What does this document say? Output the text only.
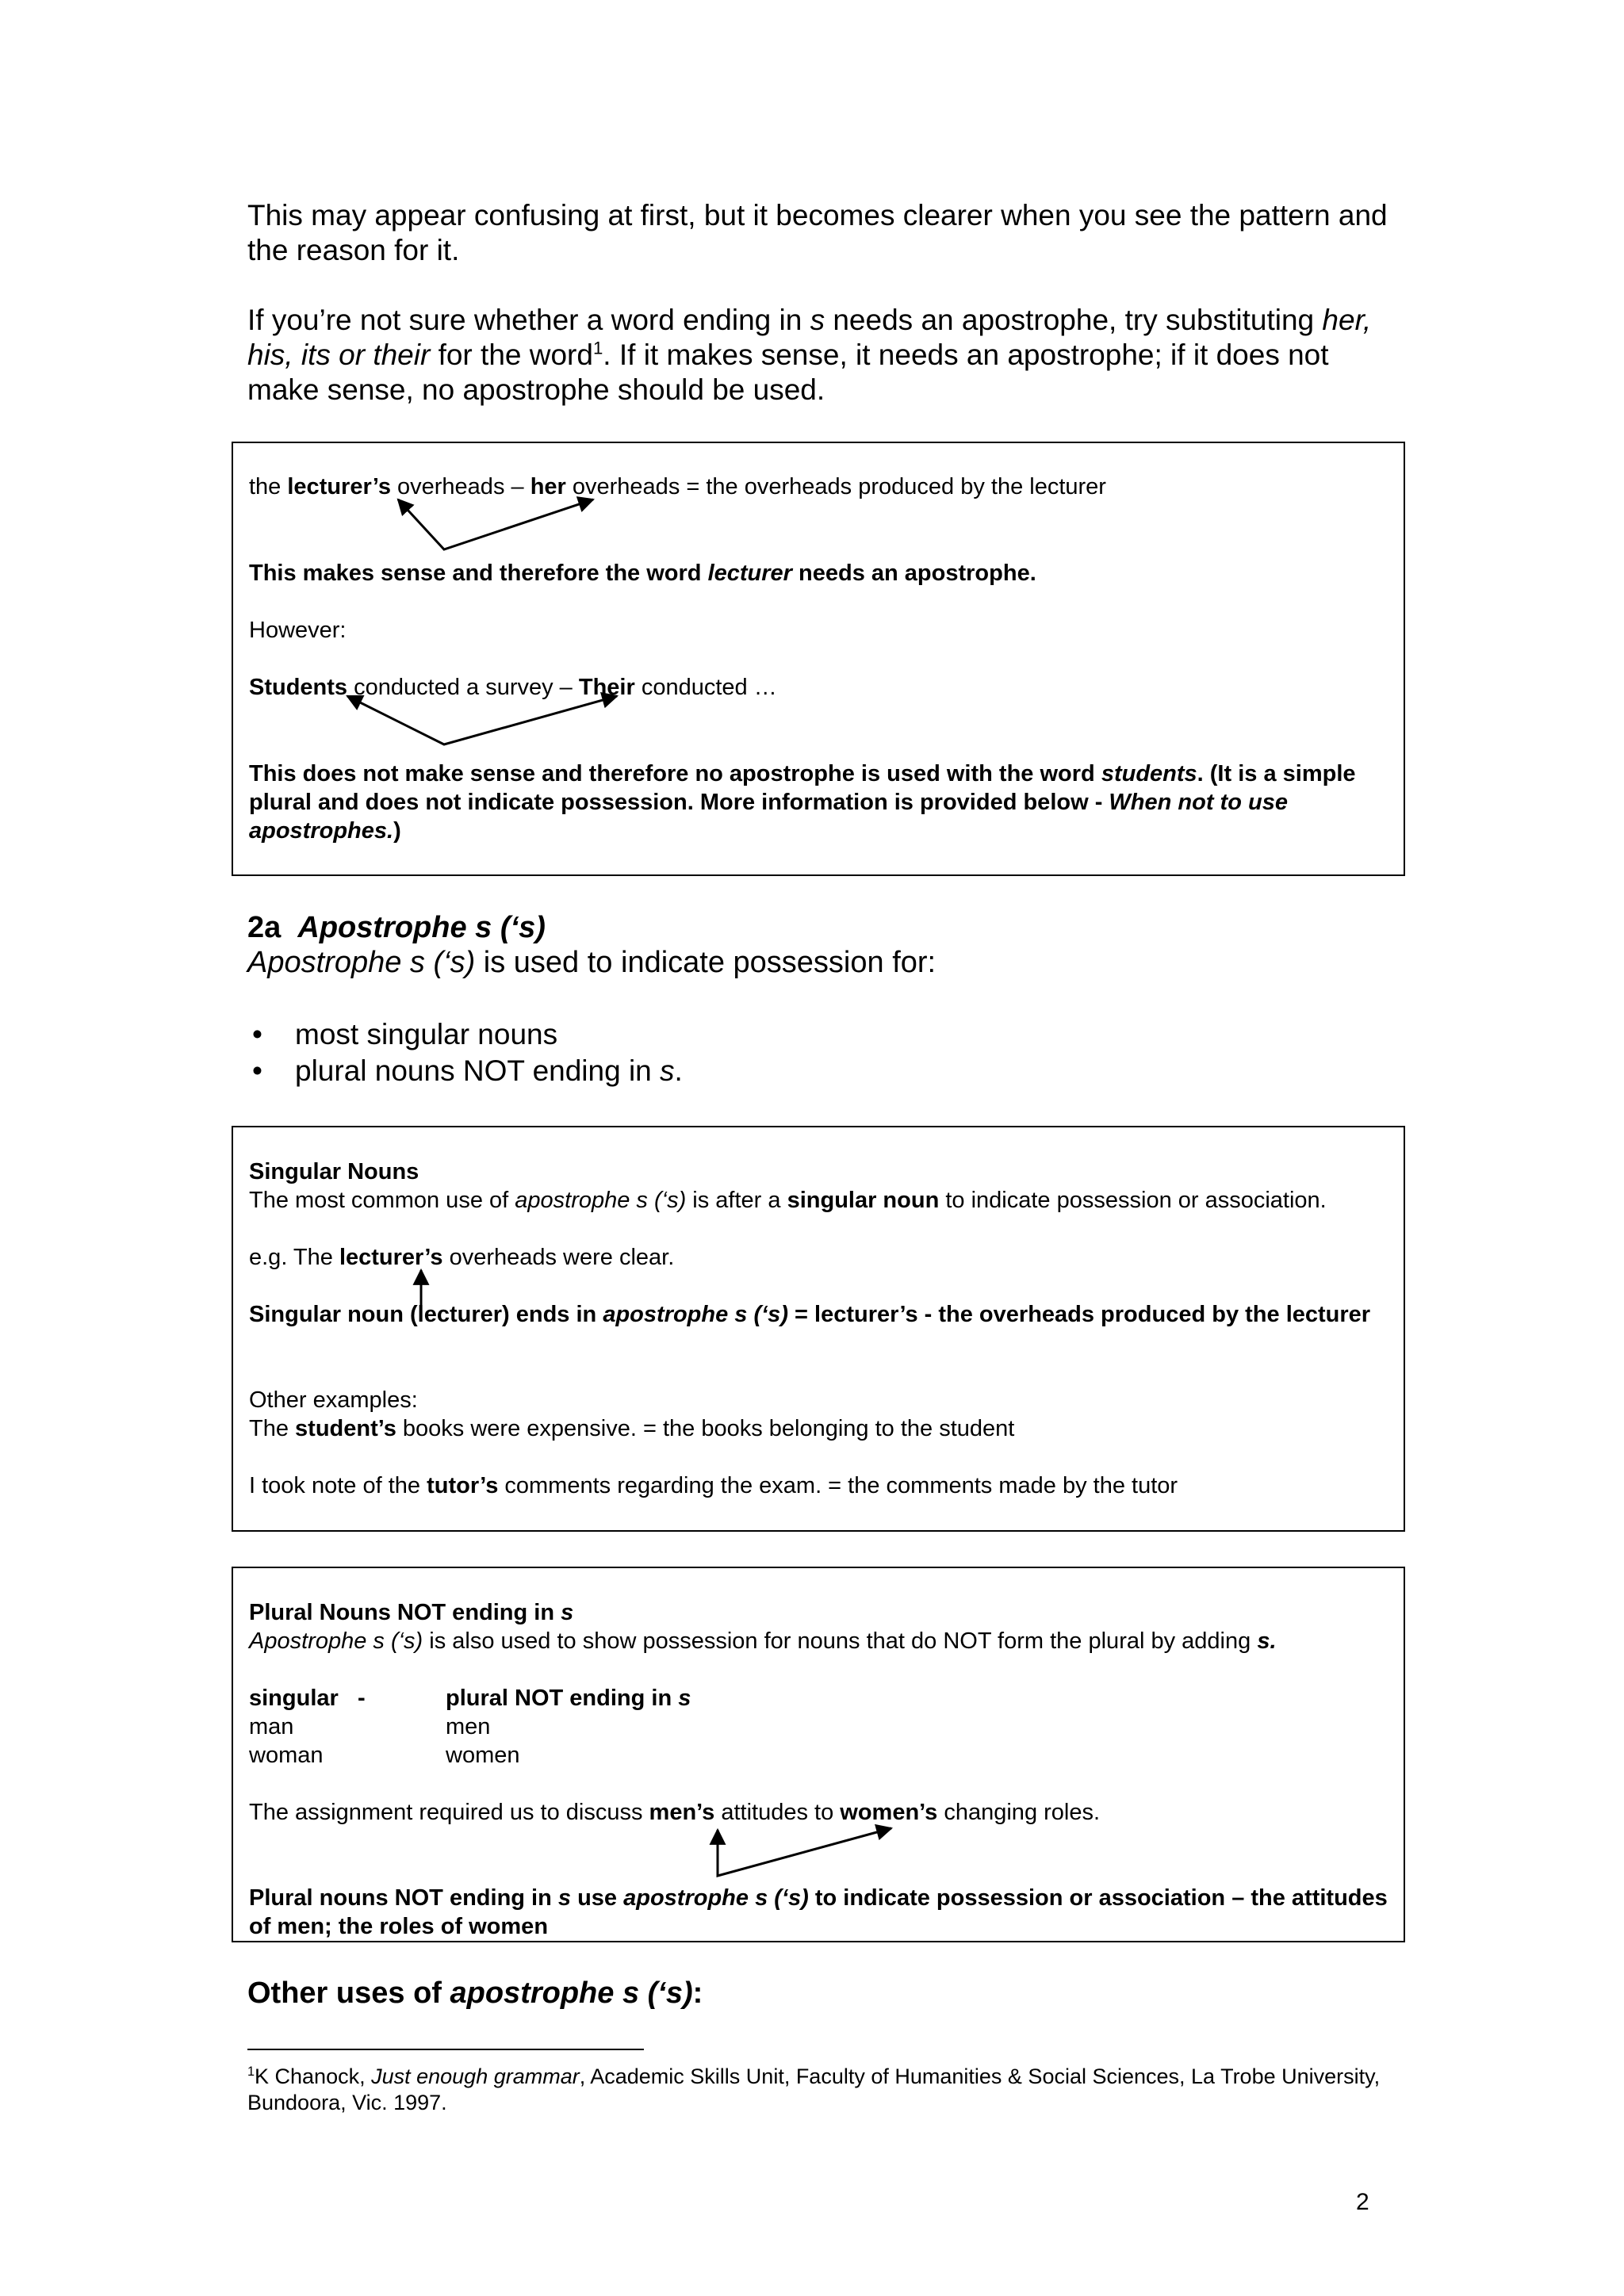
This may appear confusing at first, but it becomes clearer when you see the pattern and the reason for it.

If you’re not sure whether a word ending in s needs an apostrophe, try substituting her, his, its or their for the word$^1$. If it makes sense, it needs an apostrophe; if it does not make sense, no apostrophe should be used.

the lecturer’s overheads – her overheads = the overheads produced by the lecturer

This makes sense and therefore the word lecturer needs an apostrophe.

However:

Students conducted a survey – Their conducted …

This does not make sense and therefore no apostrophe is used with the word students. (It is a simple plural and does not indicate possession. More information is provided below - When not to use apostrophes.)

2a Apostrophe s (‘s)

Apostrophe s (‘s) is used to indicate possession for:

• most singular nouns
• plural nouns NOT ending in s.

Singular Nouns

The most common use of apostrophe s (‘s) is after a singular noun to indicate possession or association.

e.g. The lecturer’s overheads were clear.

Singular noun (lecturer) ends in apostrophe s (‘s) = lecturer’s - the overheads produced by the lecturer

Other examples:

The student’s books were expensive. = the books belonging to the student

I took note of the tutor’s comments regarding the exam. = the comments made by the tutor

Plural Nouns NOT ending in s

Apostrophe s (‘s) is also used to show possession for nouns that do NOT form the plural by adding s.

singular   -	plural NOT ending in s

man	men

woman	women

The assignment required us to discuss men’s attitudes to women’s changing roles.

Plural nouns NOT ending in s use apostrophe s (‘s) to indicate possession or association – the attitudes of men; the roles of women

Other uses of apostrophe s (‘s):

$^1$K Chanock, Just enough grammar, Academic Skills Unit, Faculty of Humanities & Social Sciences, La Trobe University, Bundoora, Vic. 1997.

2
